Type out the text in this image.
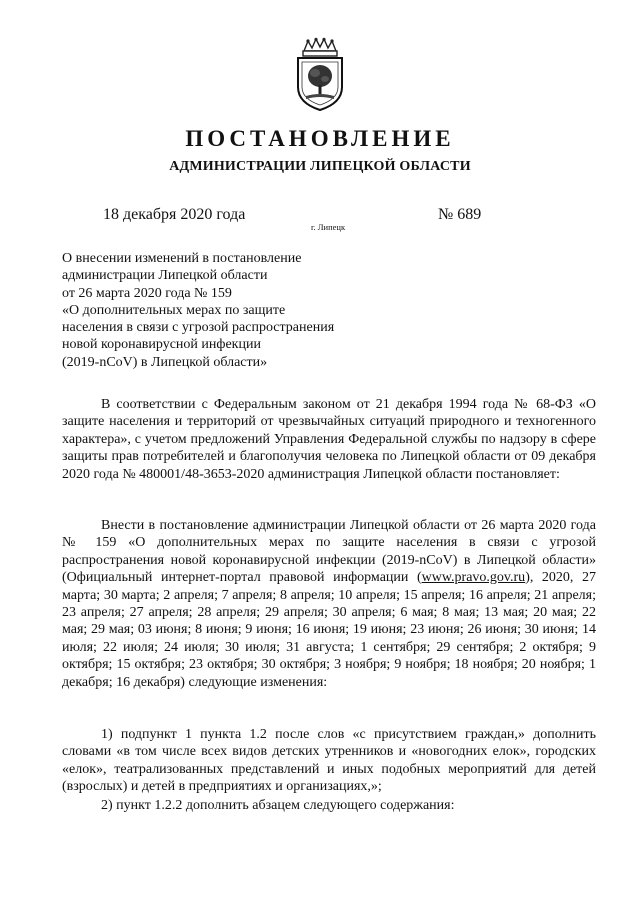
ПОСТАНОВЛЕНИЕ
АДМИНИСТРАЦИИ ЛИПЕЦКОЙ ОБЛАСТИ
18 декабря 2020 года
г. Липецк
№ 689
О внесении изменений в постановление
администрации Липецкой области
от 26 марта 2020 года № 159
«О дополнительных мерах по защите
населения в связи с угрозой распространения
новой коронавирусной инфекции
(2019-nCoV) в Липецкой области»

В соответствии с Федеральным законом от 21 декабря 1994 года № 68-ФЗ «О защите населения и территорий от чрезвычайных ситуаций природного и техногенного характера», с учетом предложений Управления Федеральной службы по надзору в сфере защиты прав потребителей и благополучия человека по Липецкой области от 09 декабря 2020 года № 480001/48-3653-2020 администрация Липецкой области постановляет:

Внести в постановление администрации Липецкой области от 26 марта 2020 года № 159 «О дополнительных мерах по защите населения в связи с угрозой распространения новой коронавирусной инфекции (2019-nCoV) в Липецкой области» (Официальный интернет-портал правовой информации (www.pravo.gov.ru), 2020, 27 марта; 30 марта; 2 апреля; 7 апреля; 8 апреля; 10 апреля; 15 апреля; 16 апреля; 21 апреля; 23 апреля; 27 апреля; 28 апреля; 29 апреля; 30 апреля; 6 мая; 8 мая; 13 мая; 20 мая; 22 мая; 29 мая; 03 июня; 8 июня; 9 июня; 16 июня; 19 июня; 23 июня; 26 июня; 30 июня; 14 июля; 22 июля; 24 июля; 30 июля; 31 августа; 1 сентября; 29 сентября; 2 октября; 9 октября; 15 октября; 23 октября; 30 октября; 3 ноября; 9 ноября; 18 ноября; 20 ноября; 1 декабря; 16 декабря) следующие изменения:

1) подпункт 1 пункта 1.2 после слов «с присутствием граждан,» дополнить словами «в том числе всех видов детских утренников и «новогодних елок», городских «елок», театрализованных представлений и иных подобных мероприятий для детей (взрослых) и детей в предприятиях и организациях,»;

2) пункт 1.2.2 дополнить абзацем следующего содержания:
